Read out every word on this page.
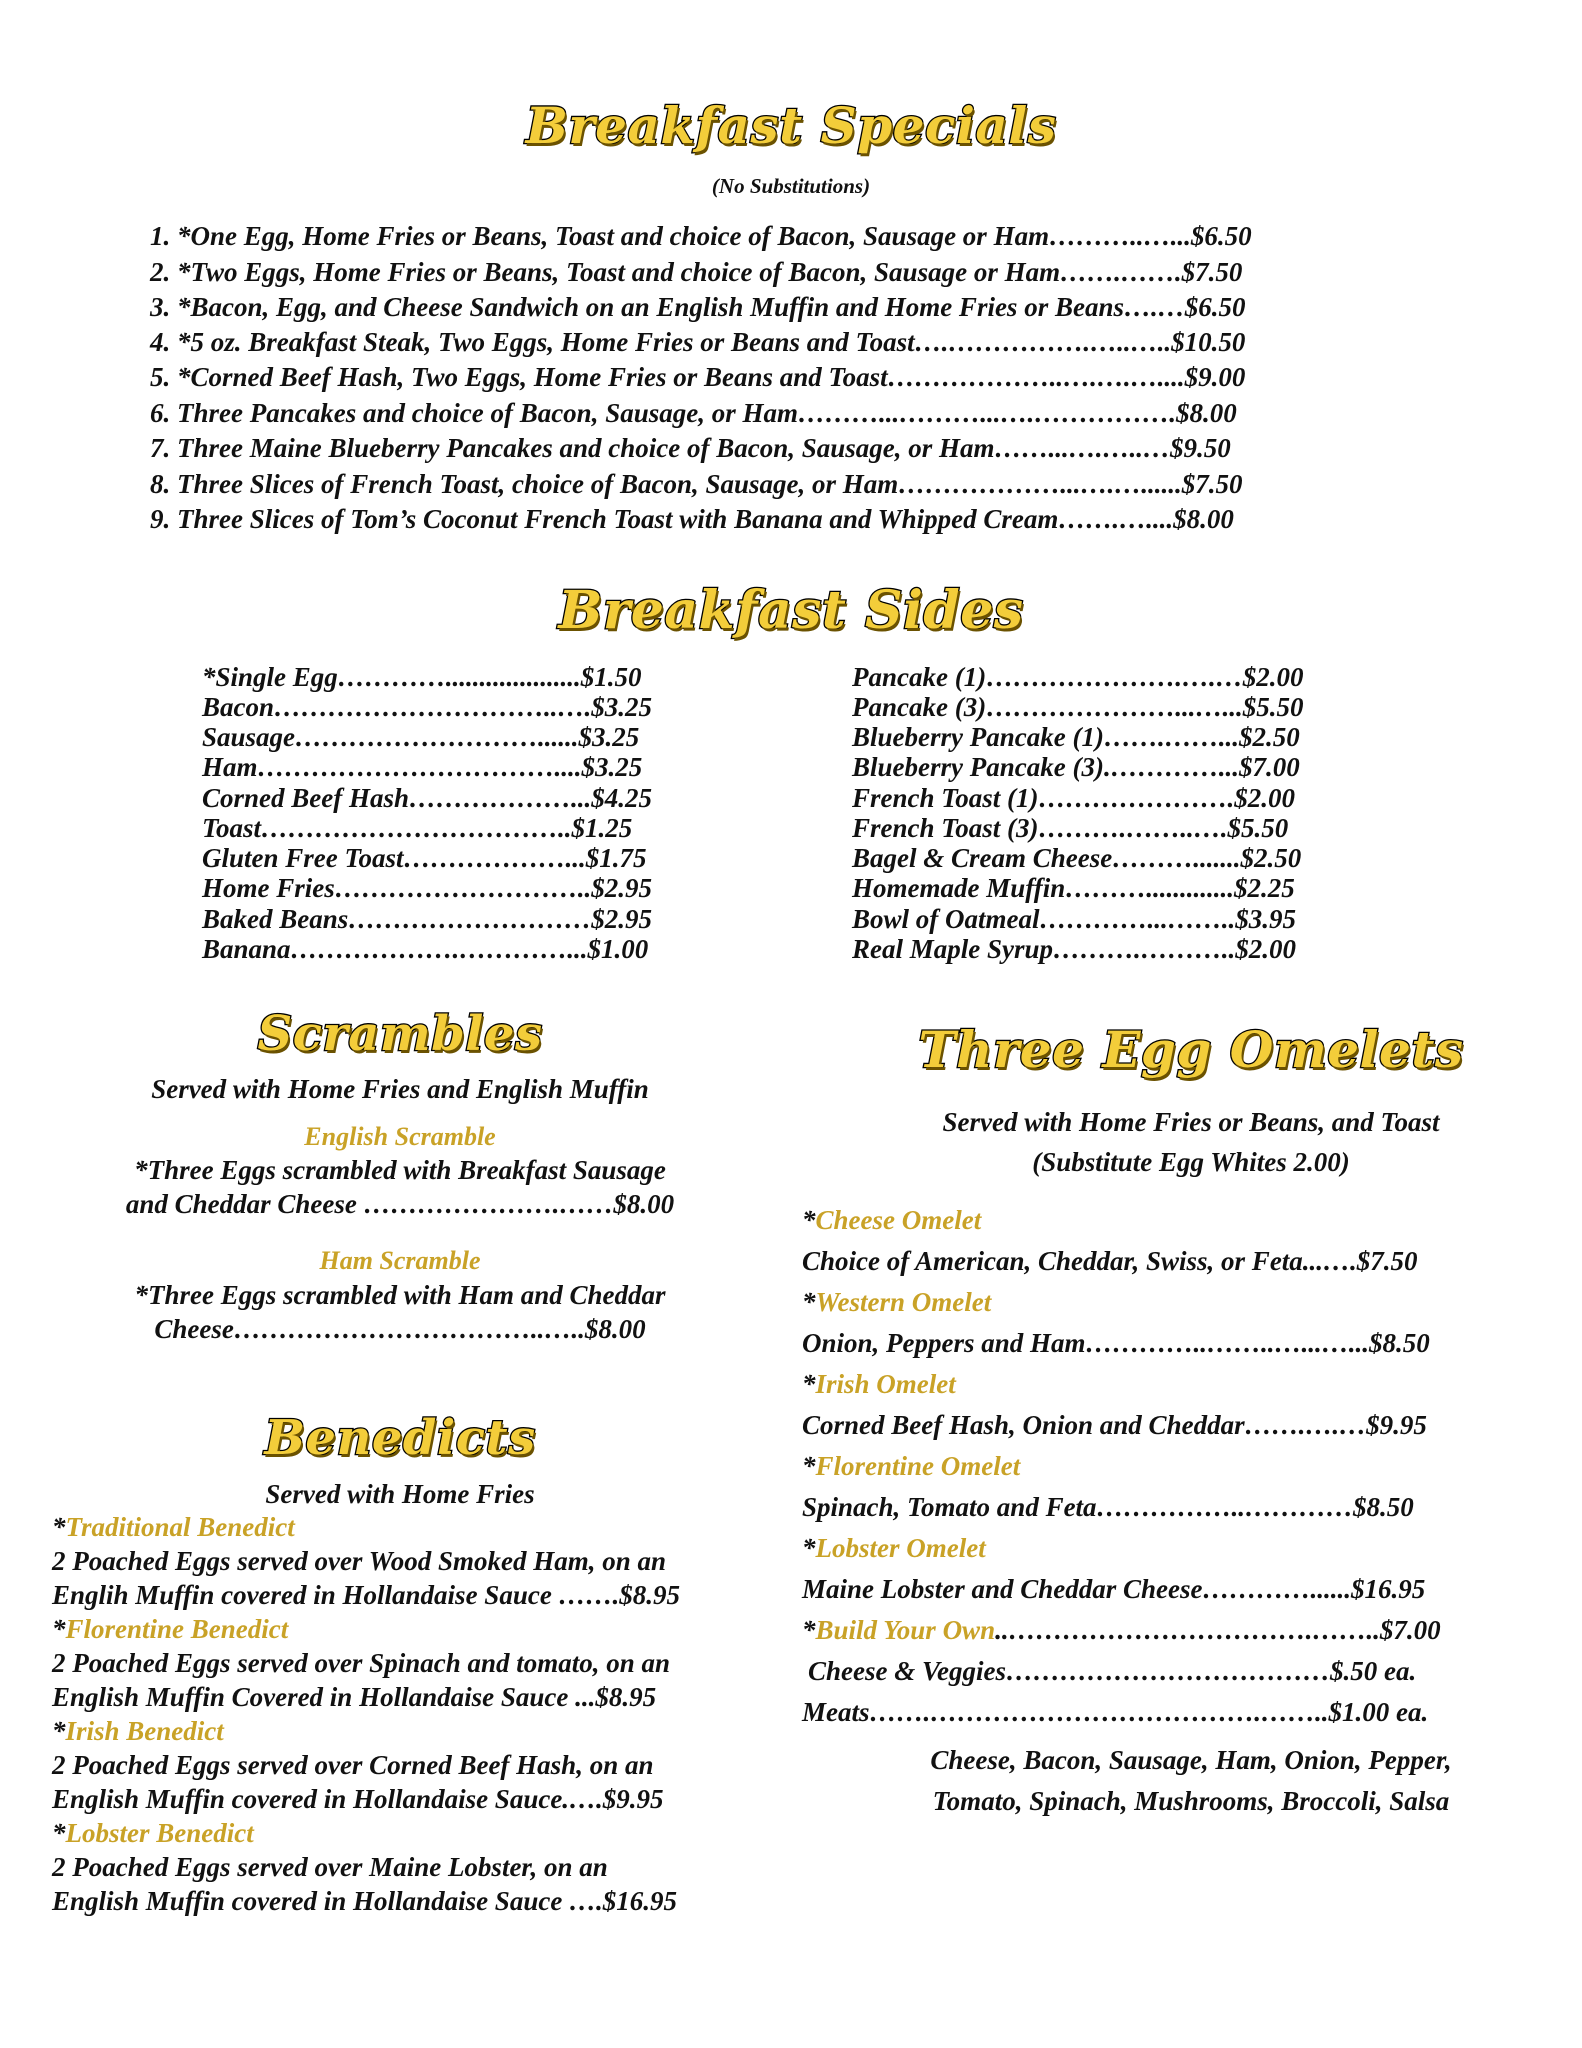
Breakfast Specials
(No Substitutions)
1. *One Egg, Home Fries or Beans, Toast and choice of Bacon, Sausage or Ham………..…...$6.50
2. *Two Eggs, Home Fries or Beans, Toast and choice of Bacon, Sausage or Ham…….…….$7.50
3. *Bacon, Egg, and Cheese Sandwich on an English Muffin and Home Fries or Beans….…$6.50
4. *5 oz. Breakfast Steak, Two Eggs, Home Fries or Beans and Toast….…………….…..…..$10.50
5. *Corned Beef Hash, Two Eggs, Home Fries or Beans and Toast………………..….….…....$9.00
6. Three Pancakes and choice of Bacon, Sausage, or Ham………...………...….…………….$8.00
7. Three Maine Blueberry Pancakes and choice of Bacon, Sausage, or Ham……...….…..…$9.50
8. Three Slices of French Toast, choice of Bacon, Sausage, or Ham………………...….…......$7.50
9. Three Slices of Tom’s Coconut French Toast with Banana and Whipped Cream…….…....$8.00
Breakfast Sides
*Single Egg…………....................$1.50
Bacon…………………………..….$3.25
Sausage………………………......$3.25
Ham……………………………....$3.25
Corned Beef Hash………………...$4.25
Toast……………………………..$1.25
Gluten Free Toast………………...$1.75
Home Fries………………………..$2.95
Baked Beans………………………$2.95
Banana……………….…………...$1.00
Pancake (1)………………….….…$2.00
Pancake (3)…………………...…...$5.50
Blueberry Pancake (1)…….……...$2.50
Blueberry Pancake (3).…………...$7.00
French Toast (1)………………….$2.00
French Toast (3)……….……..….$5.50
Bagel & Cream Cheese……….......$2.50
Homemade Muffin……….............$2.25
Bowl of Oatmeal…………...……..$3.95
Real Maple Syrup……….………..$2.00
Scrambles
Served with Home Fries and English Muffin
English Scramble
*Three Eggs scrambled with Breakfast Sausage
and Cheddar Cheese ………………….……$8.00
Ham Scramble
*Three Eggs scrambled with Ham and Cheddar
Cheese……………………………..…..$8.00
Benedicts
Served with Home Fries
*Traditional Benedict
2 Poached Eggs served over Wood Smoked Ham, on an
Englih Muffin covered in Hollandaise Sauce …….$8.95
*Florentine Benedict
2 Poached Eggs served over Spinach and tomato, on an
English Muffin Covered in Hollandaise Sauce ...$8.95
*Irish Benedict
2 Poached Eggs served over Corned Beef Hash, on an
English Muffin covered in Hollandaise Sauce.….$9.95
*Lobster Benedict
2 Poached Eggs served over Maine Lobster, on an
English Muffin covered in Hollandaise Sauce ….$16.95
Three Egg Omelets
Served with Home Fries or Beans, and Toast
(Substitute Egg Whites 2.00)
*Cheese Omelet
Choice of American, Cheddar, Swiss, or Feta...….$7.50
*Western Omelet
Onion, Peppers and Ham…………..……..…...…...$8.50
*Irish Omelet
Corned Beef Hash, Onion and Cheddar…….….…$9.95
*Florentine Omelet
Spinach, Tomato and Feta……………..…………$8.50
*Lobster Omelet
Maine Lobster and Cheddar Cheese…………......$16.95
*Build Your Own..…………………………….……..$7.00
Cheese & Veggies………………………………$.50 ea.
Meats…….……………………………….……..$1.00 ea.
Cheese, Bacon, Sausage, Ham, Onion, Pepper,
Tomato, Spinach, Mushrooms, Broccoli, Salsa
